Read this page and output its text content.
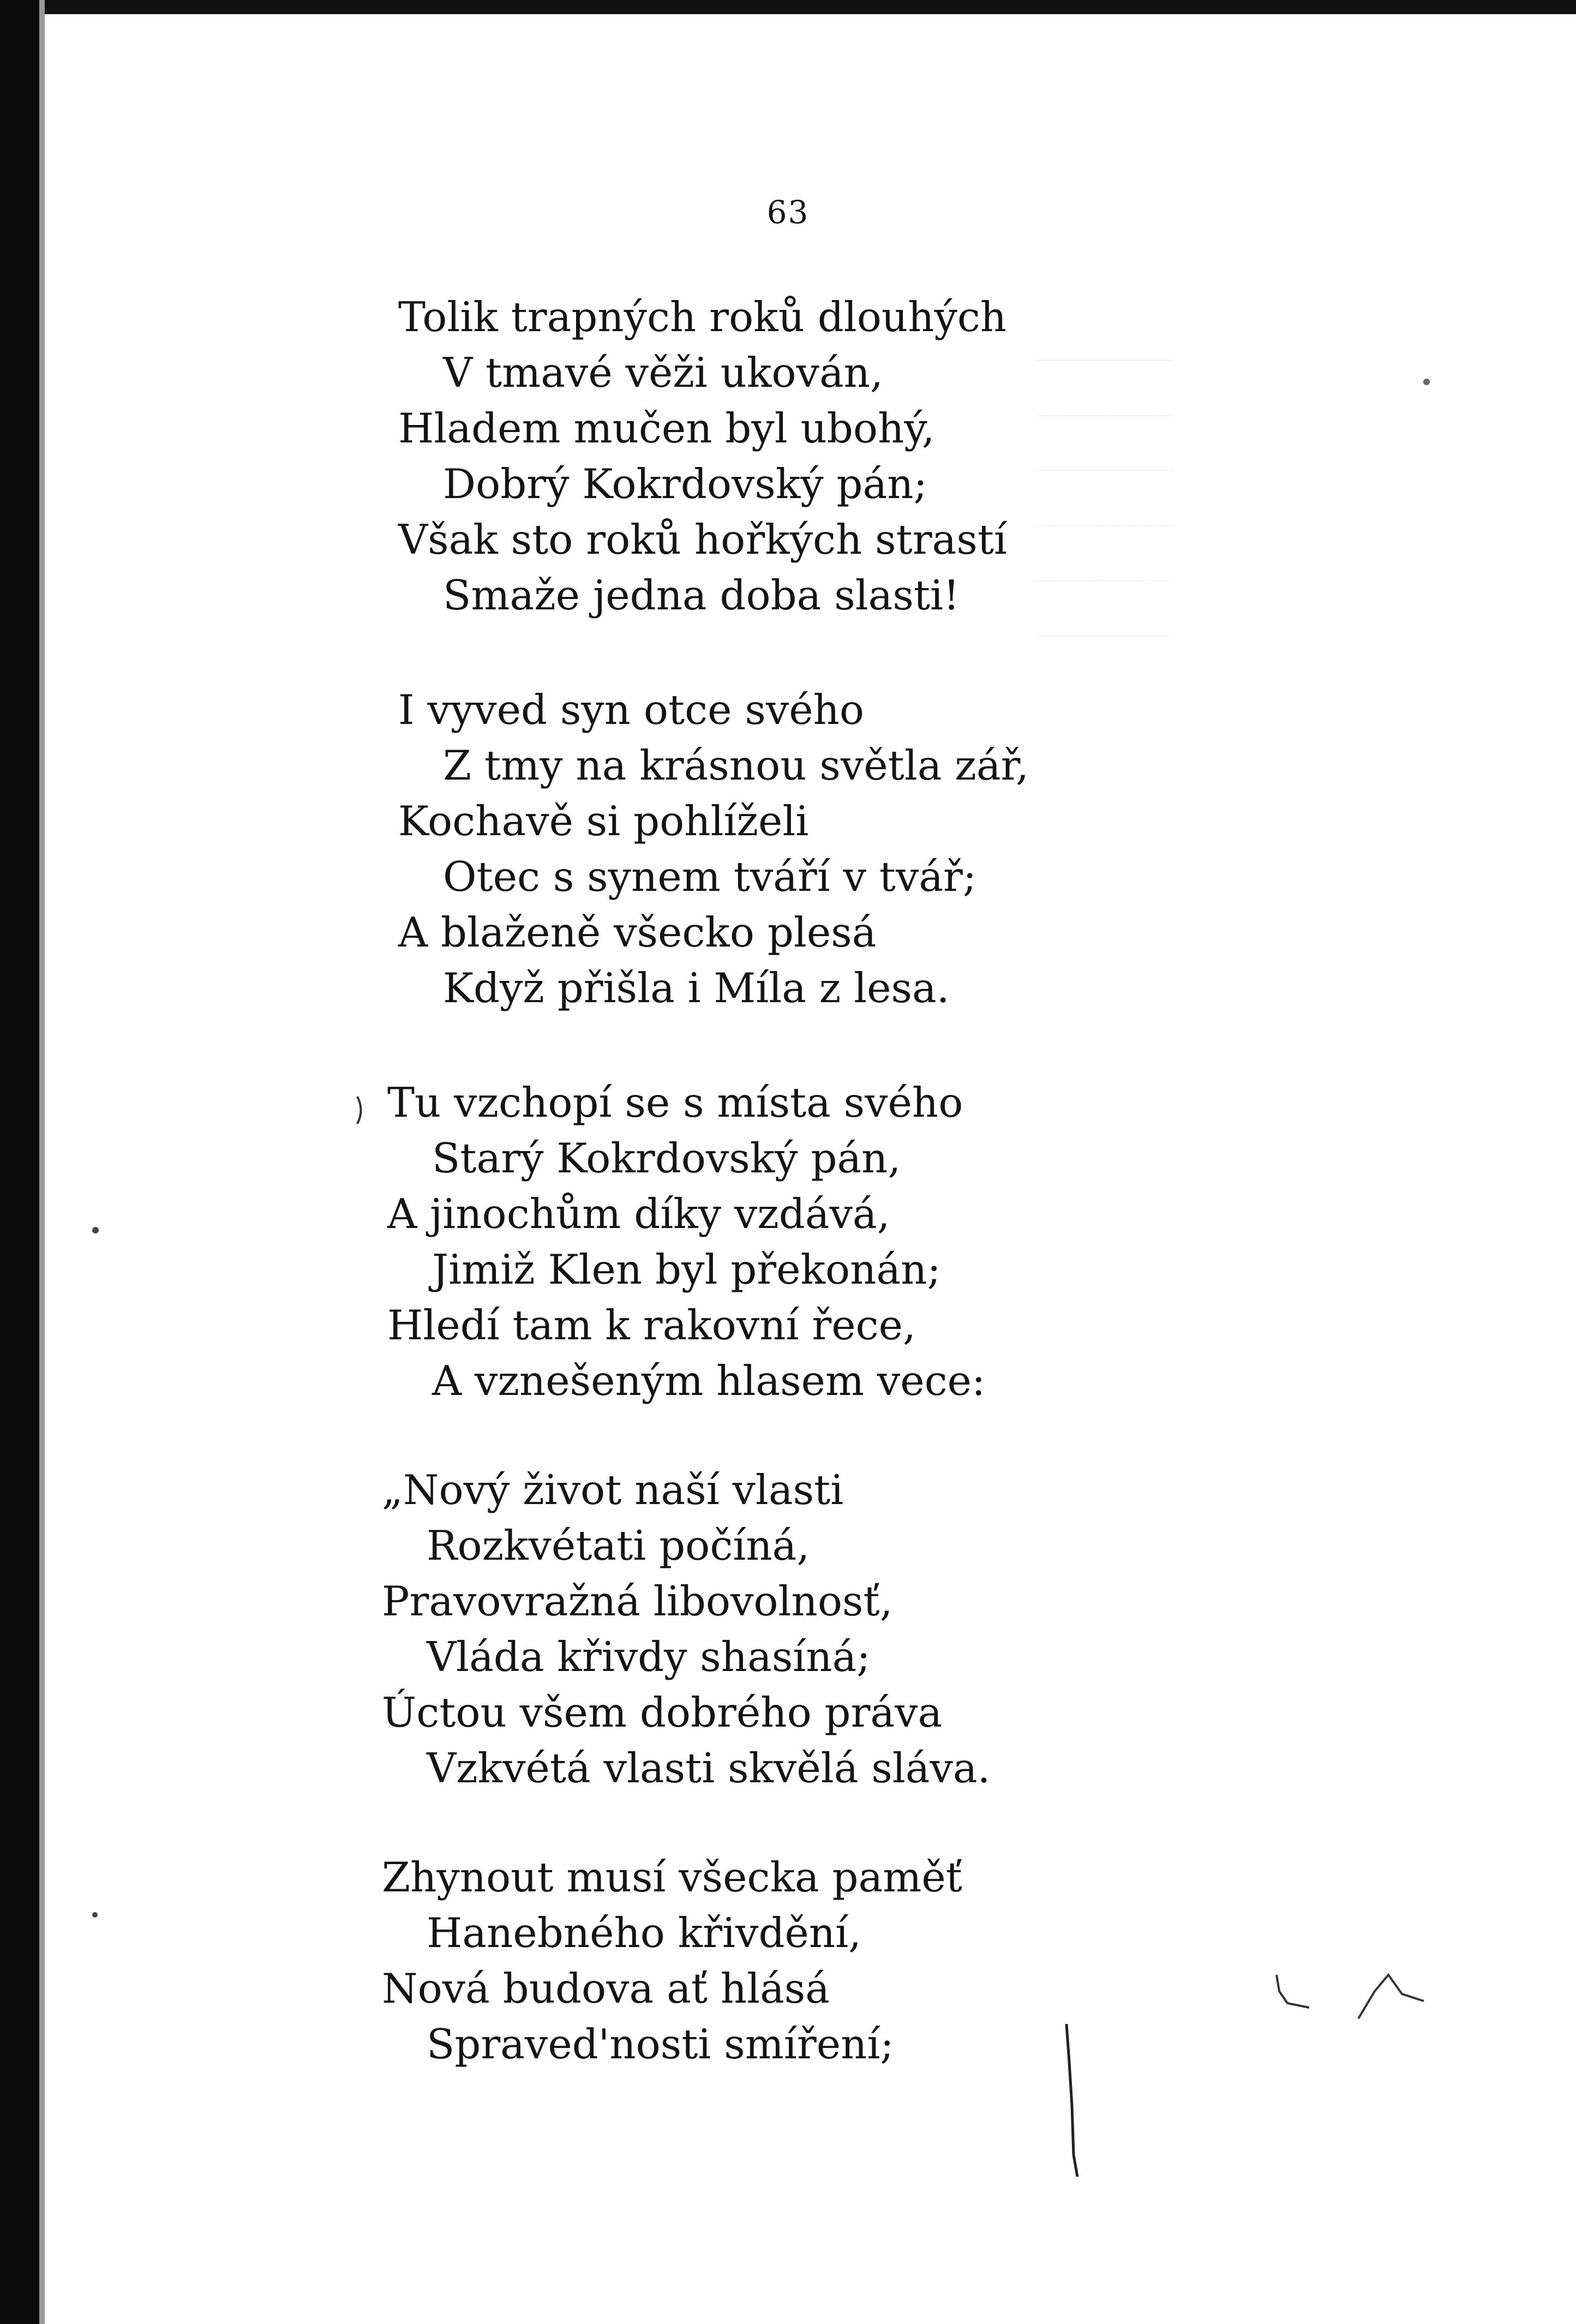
63
Tolik trapných roků dlouhých
V tmavé věži ukován,
Hladem mučen byl ubohý,
Dobrý Kokrdovský pán;
Však sto roků hořkých strastí
Smaže jedna doba slasti!
I vyved syn otce svého
Z tmy na krásnou světla zář,
Kochavě si pohlíželi
Otec s synem tváří v tvář;
A blaženě všecko plesá
Když přišla i Míla z lesa.
Tu vzchopí se s místa svého
Starý Kokrdovský pán,
A jinochům díky vzdává,
Jimiž Klen byl překonán;
Hledí tam k rakovní řece,
A vznešeným hlasem vece:
„Nový život naší vlasti
Rozkvétati počíná,
Pravovražná libovolnosť,
Vláda křivdy shasíná;
Úctou všem dobrého práva
Vzkvétá vlasti skvělá sláva.
Zhynout musí všecka paměť
Hanebného křivdění,
Nová budova ať hlásá
Spraved'nosti smíření;
